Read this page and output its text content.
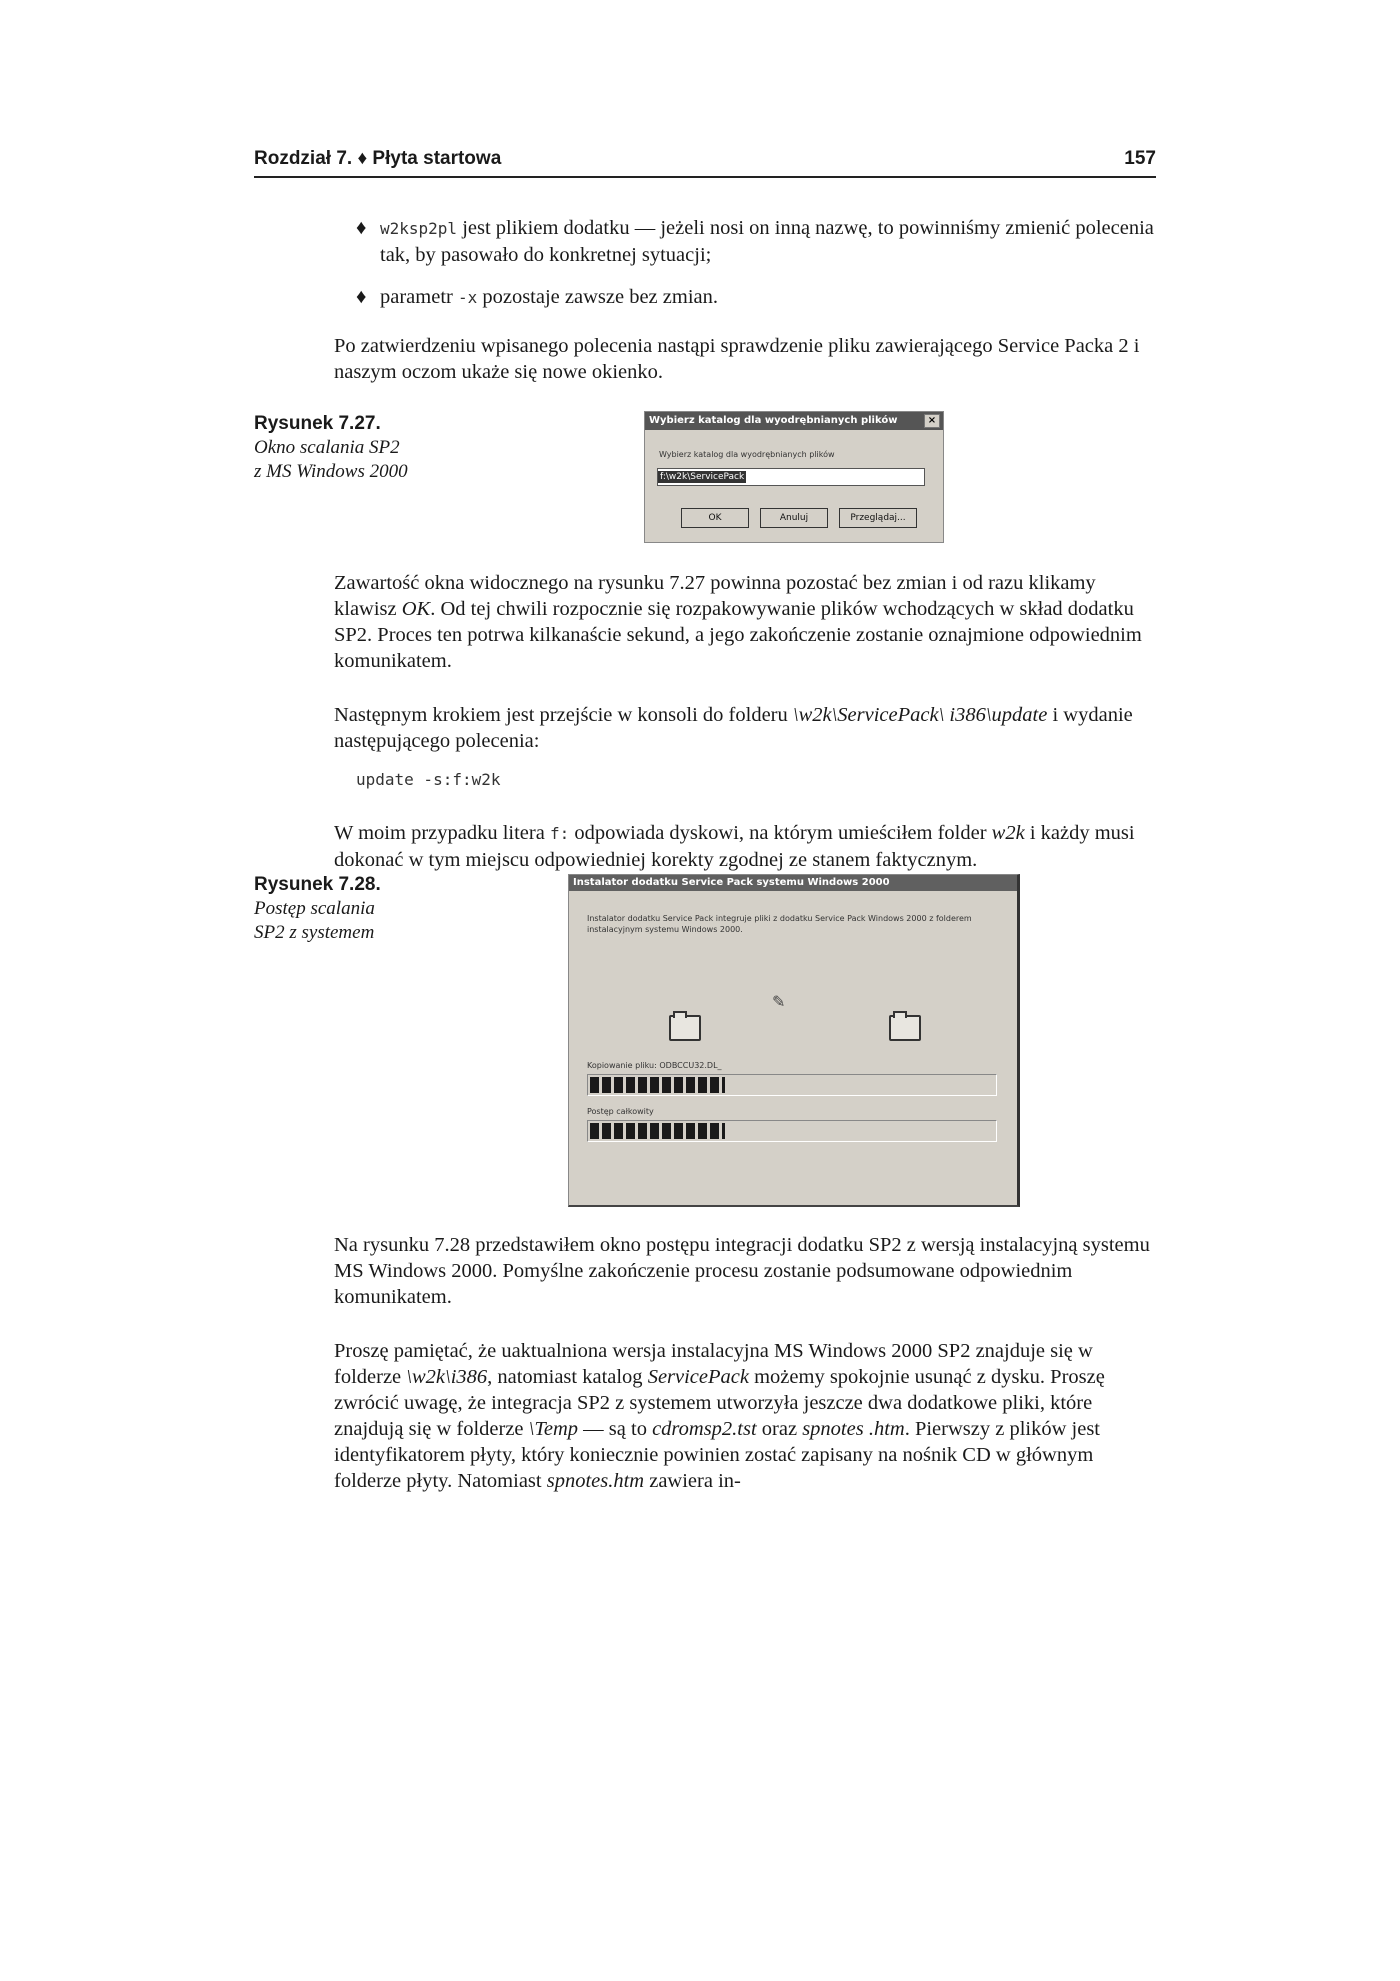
Rozdział 7. ♦ Płyta startowa	157
♦ w2ksp2pl jest plikiem dodatku — jeżeli nosi on inną nazwę, to powinniśmy zmienić polecenia tak, by pasowało do konkretnej sytuacji;
♦ parametr -x pozostaje zawsze bez zmian.

Po zatwierdzeniu wpisanego polecenia nastąpi sprawdzenie pliku zawierającego Service Packa 2 i naszym oczom ukaże się nowe okienko.

Rysunek 7.27.
Okno scalania SP2
z MS Windows 2000
Wybierz katalog dla wyodrębnianych plików	×
Wybierz katalog dla wyodrębnianych plików
f:\w2k\ServicePack
OK	Anuluj	Przeglądaj...

Zawartość okna widocznego na rysunku 7.27 powinna pozostać bez zmian i od razu klikamy klawisz OK. Od tej chwili rozpocznie się rozpakowywanie plików wchodzących w skład dodatku SP2. Proces ten potrwa kilkanaście sekund, a jego zakończenie zostanie oznajmione odpowiednim komunikatem.

Następnym krokiem jest przejście w konsoli do folderu \w2k\ServicePack\ i386\update i wydanie następującego polecenia:

update -s:f:w2k

W moim przypadku litera f: odpowiada dyskowi, na którym umieściłem folder w2k i każdy musi dokonać w tym miejscu odpowiedniej korekty zgodnej ze stanem faktycznym.

Rysunek 7.28.
Postęp scalania
SP2 z systemem
Instalator dodatku Service Pack systemu Windows 2000
Instalator dodatku Service Pack integruje pliki z dodatku Service Pack Windows 2000 z folderem instalacyjnym systemu Windows 2000.
Kopiowanie pliku: ODBCCU32.DL_
Postęp całkowity
✎

Na rysunku 7.28 przedstawiłem okno postępu integracji dodatku SP2 z wersją instalacyjną systemu MS Windows 2000. Pomyślne zakończenie procesu zostanie podsumowane odpowiednim komunikatem.

Proszę pamiętać, że uaktualniona wersja instalacyjna MS Windows 2000 SP2 znajduje się w folderze \w2k\i386, natomiast katalog ServicePack możemy spokojnie usunąć z dysku. Proszę zwrócić uwagę, że integracja SP2 z systemem utworzyła jeszcze dwa dodatkowe pliki, które znajdują się w folderze \Temp — są to cdromsp2.tst oraz spnotes .htm. Pierwszy z plików jest identyfikatorem płyty, który koniecznie powinien zostać zapisany na nośnik CD w głównym folderze płyty. Natomiast spnotes.htm zawiera in-
